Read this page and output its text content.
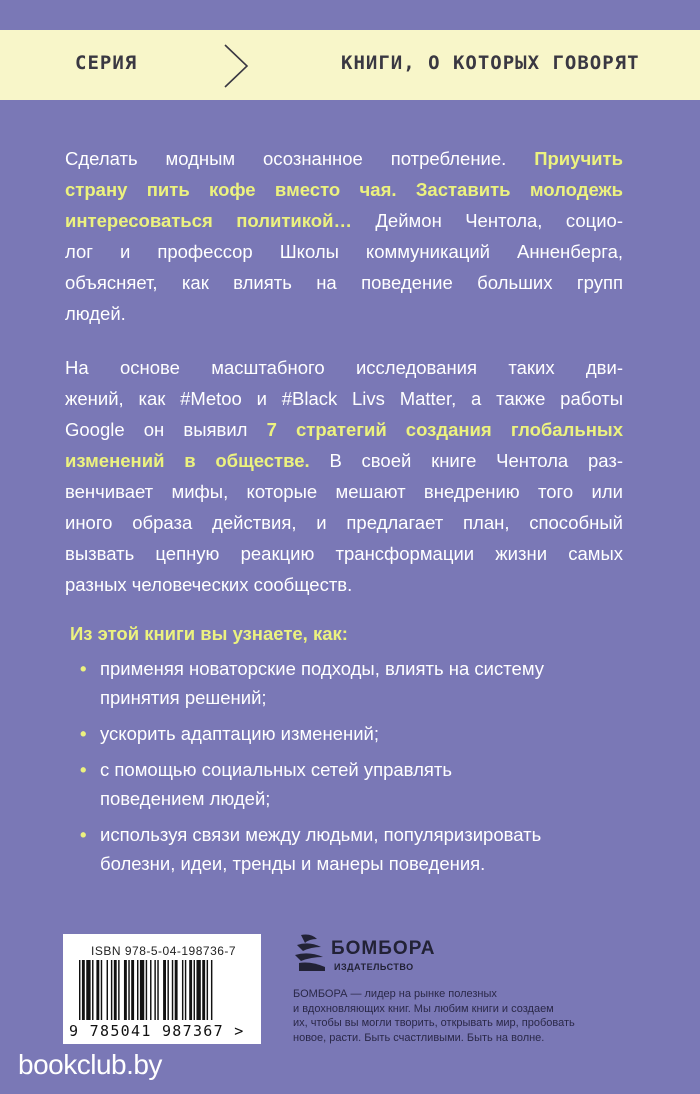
СЕРИЯ	КНИГИ, О КОТОРЫХ ГОВОРЯТ
Сделать модным осознанное потребление. Приучить
страну пить кофе вместо чая. Заставить молодежь
интересоваться политикой… Деймон Чентола, социо-
лог и профессор Школы коммуникаций Анненберга,
объясняет, как влиять на поведение больших групп
людей.
На основе масштабного исследования таких дви-
жений, как #Metoo и #Black Livs Matter, а также работы
Google он выявил 7 стратегий создания глобальных
изменений в обществе. В своей книге Чентола раз-
венчивает мифы, которые мешают внедрению того или
иного образа действия, и предлагает план, способный
вызвать цепную реакцию трансформации жизни самых
разных человеческих сообществ.
Из этой книги вы узнаете, как:
• применяя новаторские подходы, влиять на систему
принятия решений;
• ускорить адаптацию изменений;
• с помощью социальных сетей управлять
поведением людей;
• используя связи между людьми, популяризировать
болезни, идеи, тренды и манеры поведения.
ISBN 978-5-04-198736-7
9 785041 987367 >
БОМБОРА
ИЗДАТЕЛЬСТВО
БОМБОРА — лидер на рынке полезных
и вдохновляющих книг. Мы любим книги и создаем
их, чтобы вы могли творить, открывать мир, пробовать
новое, расти. Быть счастливыми. Быть на волне.
bookclub.by
